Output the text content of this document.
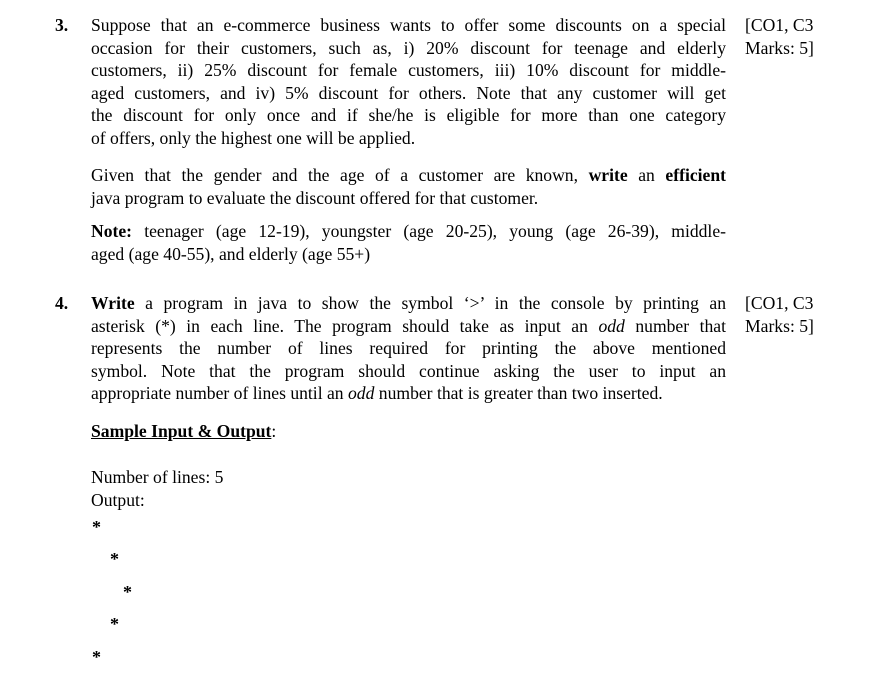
3. Suppose that an e-commerce business wants to offer some discounts on a special
occasion for their customers, such as, i) 20% discount for teenage and elderly
customers, ii) 25% discount for female customers, iii) 10% discount for middle-
aged customers, and iv) 5% discount for others. Note that any customer will get
the discount for only once and if she/he is eligible for more than one category
of offers, only the highest one will be applied.
[CO1, C3
Marks: 5]
Given that the gender and the age of a customer are known, write an efficient
java program to evaluate the discount offered for that customer.
Note: teenager (age 12-19), youngster (age 20-25), young (age 26-39), middle-
aged (age 40-55), and elderly (age 55+)
4. Write a program in java to show the symbol ‘>’ in the console by printing an
asterisk (*) in each line. The program should take as input an odd number that
represents the number of lines required for printing the above mentioned
symbol. Note that the program should continue asking the user to input an
appropriate number of lines until an odd number that is greater than two inserted.
[CO1, C3
Marks: 5]
Sample Input & Output:
Number of lines: 5
Output:
*
*
*
*
*
